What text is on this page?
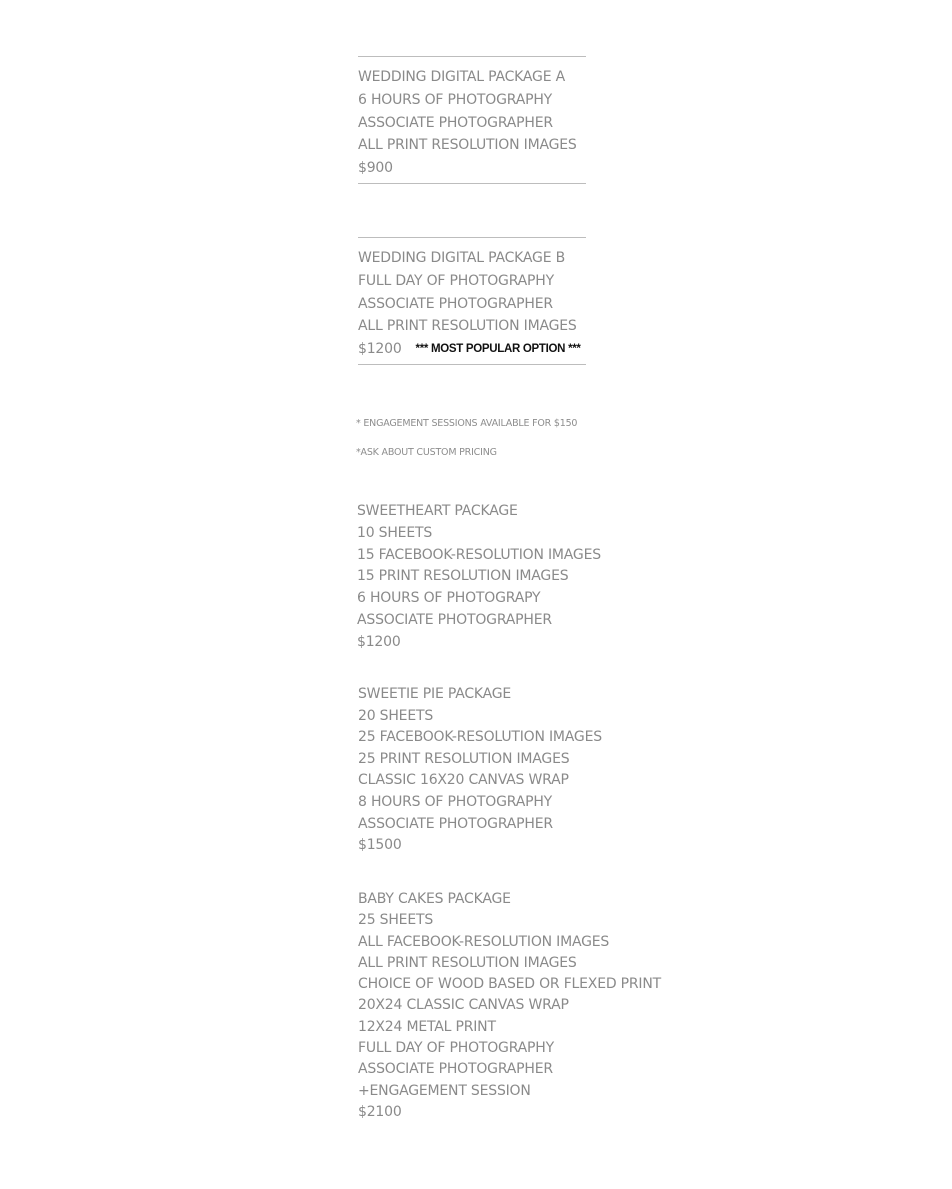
WEDDING DIGITAL PACKAGE A
6 HOURS OF PHOTOGRAPHY
ASSOCIATE PHOTOGRAPHER
ALL PRINT RESOLUTION IMAGES
$900
WEDDING DIGITAL PACKAGE B
FULL DAY OF PHOTOGRAPHY
ASSOCIATE PHOTOGRAPHER
ALL PRINT RESOLUTION IMAGES
$1200 *** MOST POPULAR OPTION ***
* ENGAGEMENT SESSIONS AVAILABLE FOR $150
*ASK ABOUT CUSTOM PRICING
SWEETHEART PACKAGE
10 SHEETS
15 FACEBOOK-RESOLUTION IMAGES
15 PRINT RESOLUTION IMAGES
6 HOURS OF PHOTOGRAPY
ASSOCIATE PHOTOGRAPHER
$1200
SWEETIE PIE PACKAGE
20 SHEETS
25 FACEBOOK-RESOLUTION IMAGES
25 PRINT RESOLUTION IMAGES
CLASSIC 16X20 CANVAS WRAP
8 HOURS OF PHOTOGRAPHY
ASSOCIATE PHOTOGRAPHER
$1500
BABY CAKES PACKAGE
25 SHEETS
ALL FACEBOOK-RESOLUTION IMAGES
ALL PRINT RESOLUTION IMAGES
CHOICE OF WOOD BASED OR FLEXED PRINT
20X24 CLASSIC CANVAS WRAP
12X24 METAL PRINT
FULL DAY OF PHOTOGRAPHY
ASSOCIATE PHOTOGRAPHER
+ENGAGEMENT SESSION
$2100
